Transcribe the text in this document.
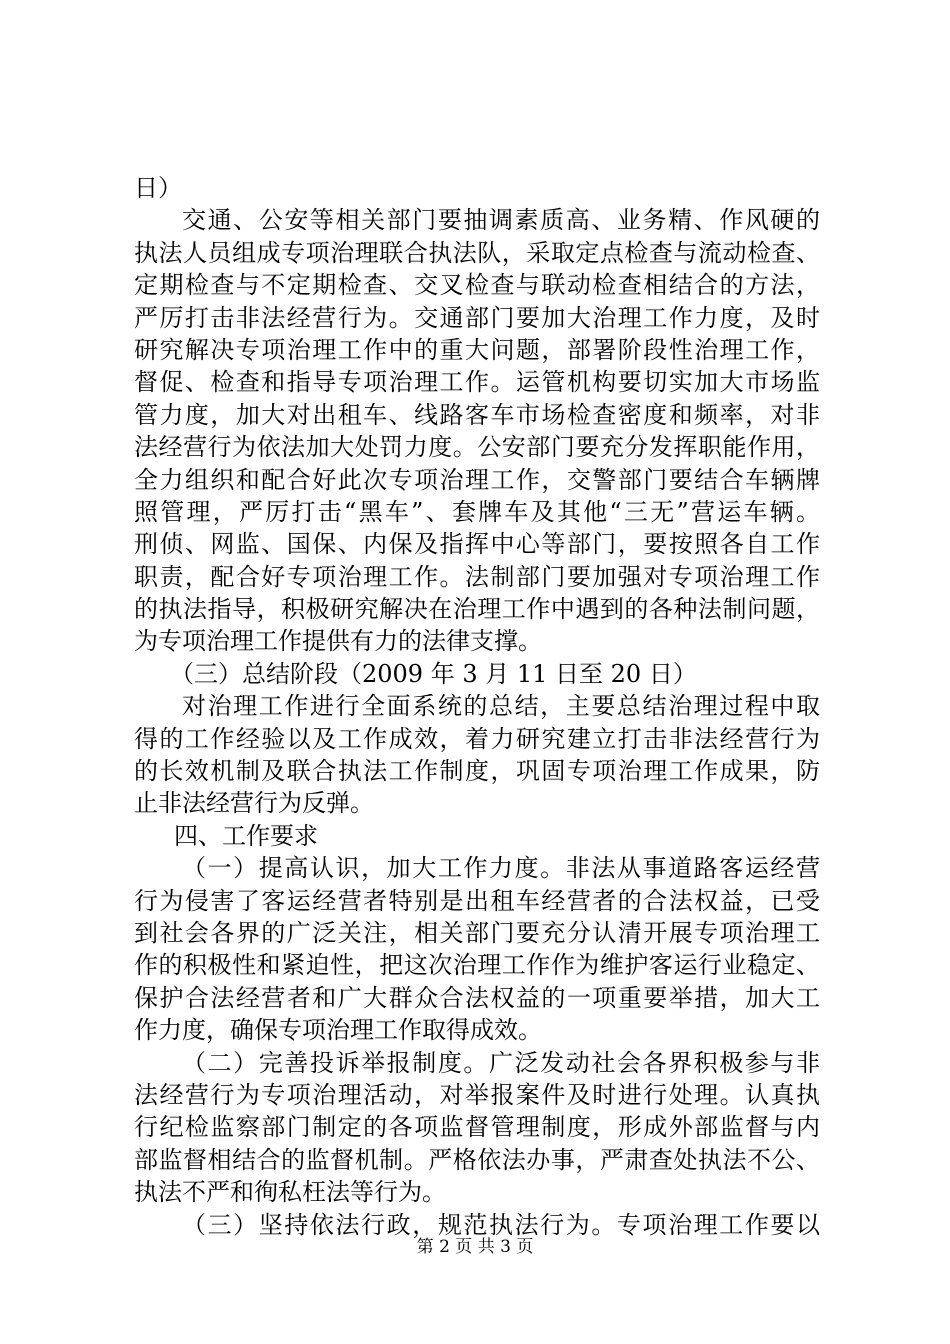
日）
交通、公安等相关部门要抽调素质高、业务精、作风硬的
执法人员组成专项治理联合执法队，采取定点检查与流动检查、
定期检查与不定期检查、交叉检查与联动检查相结合的方法，
严厉打击非法经营行为。交通部门要加大治理工作力度，及时
研究解决专项治理工作中的重大问题，部署阶段性治理工作，
督促、检查和指导专项治理工作。运管机构要切实加大市场监
管力度，加大对出租车、线路客车市场检查密度和频率，对非
法经营行为依法加大处罚力度。公安部门要充分发挥职能作用，
全力组织和配合好此次专项治理工作，交警部门要结合车辆牌
照管理，严厉打击“黑车”、套牌车及其他“三无”营运车辆。
刑侦、网监、国保、内保及指挥中心等部门，要按照各自工作
职责，配合好专项治理工作。法制部门要加强对专项治理工作
的执法指导，积极研究解决在治理工作中遇到的各种法制问题，
为专项治理工作提供有力的法律支撑。
（三）总结阶段（2009 年 3 月 11 日至 20 日）
对治理工作进行全面系统的总结，主要总结治理过程中取
得的工作经验以及工作成效，着力研究建立打击非法经营行为
的长效机制及联合执法工作制度，巩固专项治理工作成果，防
止非法经营行为反弹。
四、工作要求
（一）提高认识，加大工作力度。非法从事道路客运经营
行为侵害了客运经营者特别是出租车经营者的合法权益，已受
到社会各界的广泛关注，相关部门要充分认清开展专项治理工
作的积极性和紧迫性，把这次治理工作作为维护客运行业稳定、
保护合法经营者和广大群众合法权益的一项重要举措，加大工
作力度，确保专项治理工作取得成效。
（二）完善投诉举报制度。广泛发动社会各界积极参与非
法经营行为专项治理活动，对举报案件及时进行处理。认真执
行纪检监察部门制定的各项监督管理制度，形成外部监督与内
部监督相结合的监督机制。严格依法办事，严肃查处执法不公、
执法不严和徇私枉法等行为。
（三）坚持依法行政，规范执法行为。专项治理工作要以
第 2 页 共 3 页
